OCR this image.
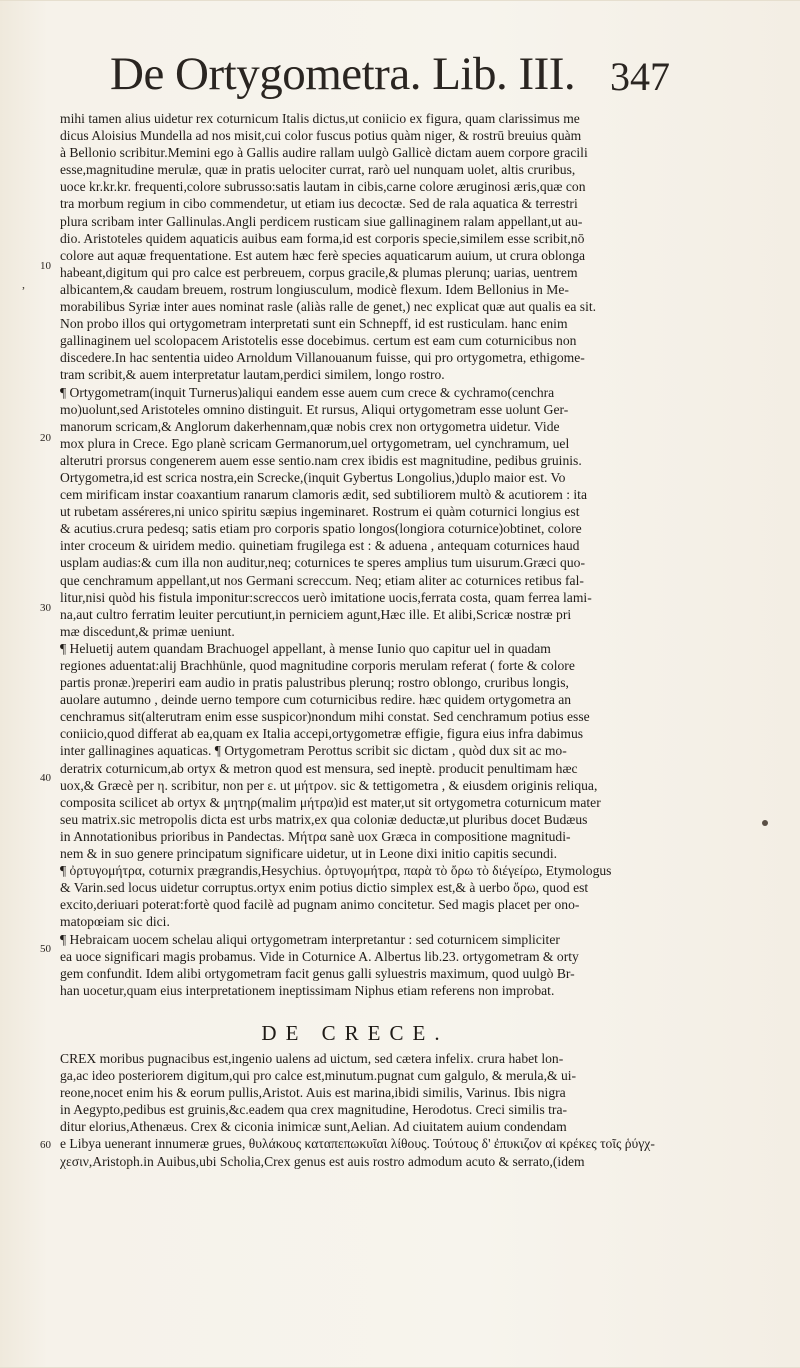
De Ortygometra. Lib. III. 347
10
,
20
30
40
50
60
mihi tamen alius uidetur rex coturnicum Italis dictus,ut coniicio ex figura, quam clarissimus me
dicus Aloisius Mundella ad nos misit,cui color fuscus potius quàm niger, & rostrū breuius quàm
à Bellonio scribitur.Memini ego à Gallis audire rallam uulgò Gallicè dictam auem corpore gracili
esse,magnitudine merulæ, quæ in pratis uelociter currat, rarò uel nunquam uolet, altis cruribus,
uoce kr.kr.kr. frequenti,colore subrusso:satis lautam in cibis,carne colore æruginosi æris,quæ con
tra morbum regium in cibo commendetur, ut etiam ius decoctæ. Sed de rala aquatica & terrestri
plura scribam inter Gallinulas.Angli perdicem rusticam siue gallinaginem ralam appellant,ut au-
dio. Aristoteles quidem aquaticis auibus eam forma,id est corporis specie,similem esse scribit,nō
colore aut aquæ frequentatione. Est autem hæc ferè species aquaticarum auium, ut crura oblonga
habeant,digitum qui pro calce est perbreuem, corpus gracile,& plumas plerunq; uarias, uentrem
albicantem,& caudam breuem, rostrum longiusculum, modicè flexum. Idem Bellonius in Me-
morabilibus Syriæ inter aues nominat rasle (aliàs ralle de genet,) nec explicat quæ aut qualis ea sit.
Non probo illos qui ortygometram interpretati sunt ein Schnepff, id est rusticulam. hanc enim
gallinaginem uel scolopacem Aristotelis esse docebimus. certum est eam cum coturnicibus non
discedere.In hac sententia uideo Arnoldum Villanouanum fuisse, qui pro ortygometra, ethigome-
tram scribit,& auem interpretatur lautam,perdici similem, longo rostro.
¶ Ortygometram(inquit Turnerus)aliqui eandem esse auem cum crece & cychramo(cenchra
mo)uolunt,sed Aristoteles omnino distinguit. Et rursus, Aliqui ortygometram esse uolunt Ger-
manorum scricam,& Anglorum dakerhennam,quæ nobis crex non ortygometra uidetur. Vide
mox plura in Crece. Ego planè scricam Germanorum,uel ortygometram, uel cynchramum, uel
alterutri prorsus congenerem auem esse sentio.nam crex ibidis est magnitudine, pedibus gruinis.
Ortygometra,id est scrica nostra,ein Screcke,(inquit Gybertus Longolius,)duplo maior est. Vo
cem mirificam instar coaxantium ranarum clamoris ædit, sed subtiliorem multò & acutiorem : ita
ut rubetam asséreres,ni unico spiritu sæpius ingeminaret. Rostrum ei quàm coturnici longius est
& acutius.crura pedesq; satis etiam pro corporis spatio longos(longiora coturnice)obtinet, colore
inter croceum & uiridem medio. quinetiam frugilega est : & aduena , antequam coturnices haud
usplam audias:& cum illa non auditur,neq; coturnices te speres amplius tum uisurum.Græci quo-
que cenchramum appellant,ut nos Germani screccum. Neq; etiam aliter ac coturnices retibus fal-
litur,nisi quòd his fistula imponitur:screccos uerò imitatione uocis,ferrata costa, quam ferrea lami-
na,aut cultro ferratim leuiter percutiunt,in perniciem agunt,Hæc ille. Et alibi,Scricæ nostræ pri
mæ discedunt,& primæ ueniunt.
¶ Heluetij autem quandam Brachuogel appellant, à mense Iunio quo capitur uel in quadam
regiones aduentat:alij Brachhünle, quod magnitudine corporis merulam referat ( forte & colore
partis pronæ.)reperiri eam audio in pratis palustribus plerunq; rostro oblongo, cruribus longis,
auolare autumno , deinde uerno tempore cum coturnicibus redire. hæc quidem ortygometra an
cenchramus sit(alterutram enim esse suspicor)nondum mihi constat. Sed cenchramum potius esse
coniicio,quod differat ab ea,quam ex Italia accepi,ortygometræ effigie, figura eius infra dabimus
inter gallinagines aquaticas. ¶ Ortygometram Perottus scribit sic dictam , quòd dux sit ac mo-
deratrix coturnicum,ab ortyx & metron quod est mensura, sed ineptè. producit penultimam hæc
uox,& Græcè per η. scribitur, non per ε. ut μήτρον. sic & tettigometra , & eiusdem originis reliqua,
composita scilicet ab ortyx & μητηρ(malim μήτρα)id est mater,ut sit ortygometra coturnicum mater
seu matrix.sic metropolis dicta est urbs matrix,ex qua coloniæ deductæ,ut pluribus docet Budæus
in Annotationibus prioribus in Pandectas. Μήτρα sanè uox Græca in compositione magnitudi-
nem & in suo genere principatum significare uidetur, ut in Leone dixi initio capitis secundi.
¶ ὀρτυγομήτρα, coturnix prægrandis,Hesychius. ὀρτυγομήτρα, παρὰ τὸ ὄρω τὸ διέγείρω, Etymologus
& Varin.sed locus uidetur corruptus.ortyx enim potius dictio simplex est,& à uerbo ὄρω, quod est
excito,deriuari poterat:fortè quod facilè ad pugnam animo concitetur. Sed magis placet per ono-
matopœiam sic dici.
¶ Hebraicam uocem schelau aliqui ortygometram interpretantur : sed coturnicem simpliciter
ea uoce significari magis probamus. Vide in Coturnice A. Albertus lib.23. ortygometram & orty
gem confundit. Idem alibi ortygometram facit genus galli syluestris maximum, quod uulgò Br-
han uocetur,quam eius interpretationem ineptissimam Niphus etiam referens non improbat.
DE CRECE.
CREX moribus pugnacibus est,ingenio ualens ad uictum, sed cætera infelix. crura habet lon-
ga,ac ideo posteriorem digitum,qui pro calce est,minutum.pugnat cum galgulo, & merula,& ui-
reone,nocet enim his & eorum pullis,Aristot. Auis est marina,ibidi similis, Varinus. Ibis nigra
in Aegypto,pedibus est gruinis,&c.eadem qua crex magnitudine, Herodotus. Creci similis tra-
ditur elorius,Athenæus. Crex & ciconia inimicæ sunt,Aelian. Ad ciuitatem auium condendam
e Libya uenerant innumeræ grues, θυλάκους καταπεπωκυῖαι λίθους. Τούτους δ' ἐπυκιζον αἱ κρέκες τοῖς ῥύγχ-
χεσιν,Aristoph.in Auibus,ubi Scholia,Crex genus est auis rostro admodum acuto & serrato,(idem
